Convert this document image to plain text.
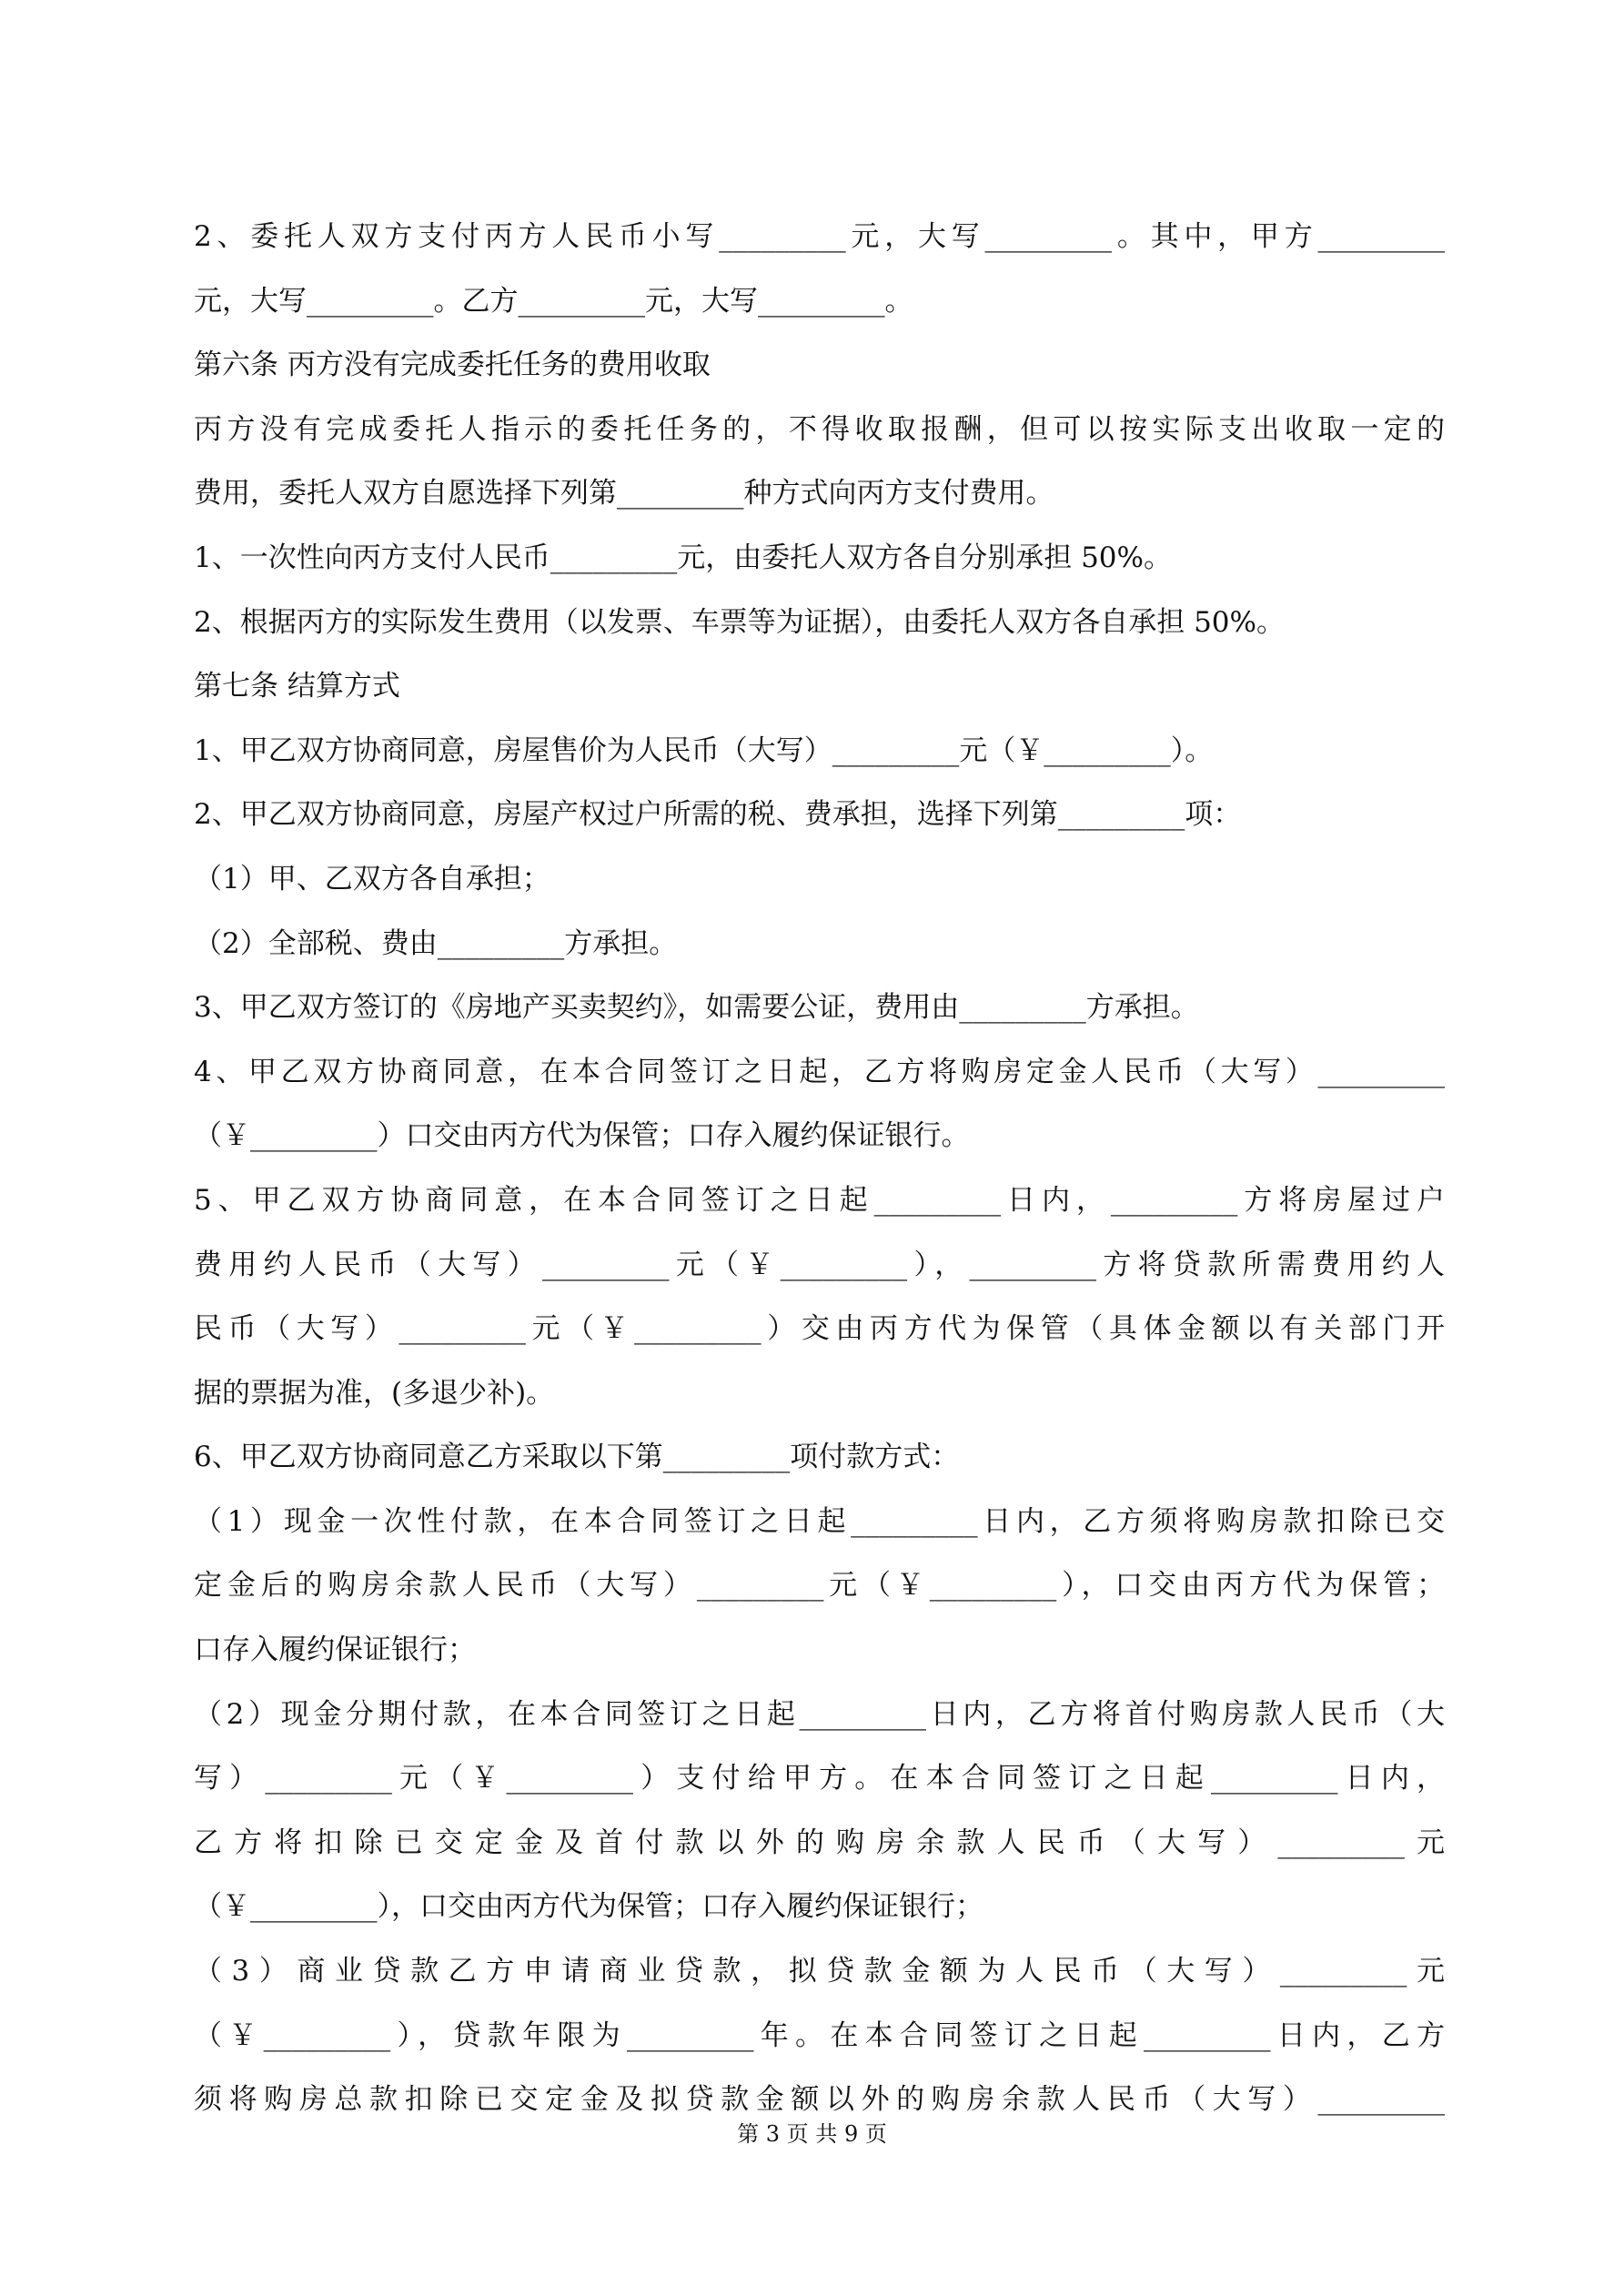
2、委托人双方支付丙方人民币小写_________元，大写_________。其中，甲方_________
元，大写_________。乙方_________元，大写_________。
第六条 丙方没有完成委托任务的费用收取
丙方没有完成委托人指示的委托任务的，不得收取报酬，但可以按实际支出收取一定的
费用，委托人双方自愿选择下列第_________种方式向丙方支付费用。
1、一次性向丙方支付人民币_________元，由委托人双方各自分别承担 50%。
2、根据丙方的实际发生费用（以发票、车票等为证据），由委托人双方各自承担 50%。
第七条 结算方式
1、甲乙双方协商同意，房屋售价为人民币（大写）_________元（￥_________）。
2、甲乙双方协商同意，房屋产权过户所需的税、费承担，选择下列第_________项：
（1）甲、乙双方各自承担；
（2）全部税、费由_________方承担。
3、甲乙双方签订的《房地产买卖契约》，如需要公证，费用由_________方承担。
4、甲乙双方协商同意，在本合同签订之日起，乙方将购房定金人民币（大写）_________
（￥_________）口交由丙方代为保管；口存入履约保证银行。
5、甲乙双方协商同意，在本合同签订之日起_________日内，_________方将房屋过户
费用约人民币（大写）_________元（￥_________），_________方将贷款所需费用约人
民币（大写）_________元（￥_________）交由丙方代为保管（具体金额以有关部门开
据的票据为准，(多退少补)。
6、甲乙双方协商同意乙方采取以下第_________项付款方式：
（1）现金一次性付款，在本合同签订之日起_________日内，乙方须将购房款扣除已交
定金后的购房余款人民币（大写）_________元（￥_________），口交由丙方代为保管；
口存入履约保证银行；
（2）现金分期付款，在本合同签订之日起_________日内，乙方将首付购房款人民币（大
写）_________元（￥_________）支付给甲方。在本合同签订之日起_________日内，
乙方将扣除已交定金及首付款以外的购房余款人民币（大写）_________元
（￥_________），口交由丙方代为保管；口存入履约保证银行；
（3）商业贷款乙方申请商业贷款，拟贷款金额为人民币（大写）_________元
（￥_________），贷款年限为_________年。在本合同签订之日起_________日内，乙方
须将购房总款扣除已交定金及拟贷款金额以外的购房余款人民币（大写）_________
第 3 页 共 9 页
